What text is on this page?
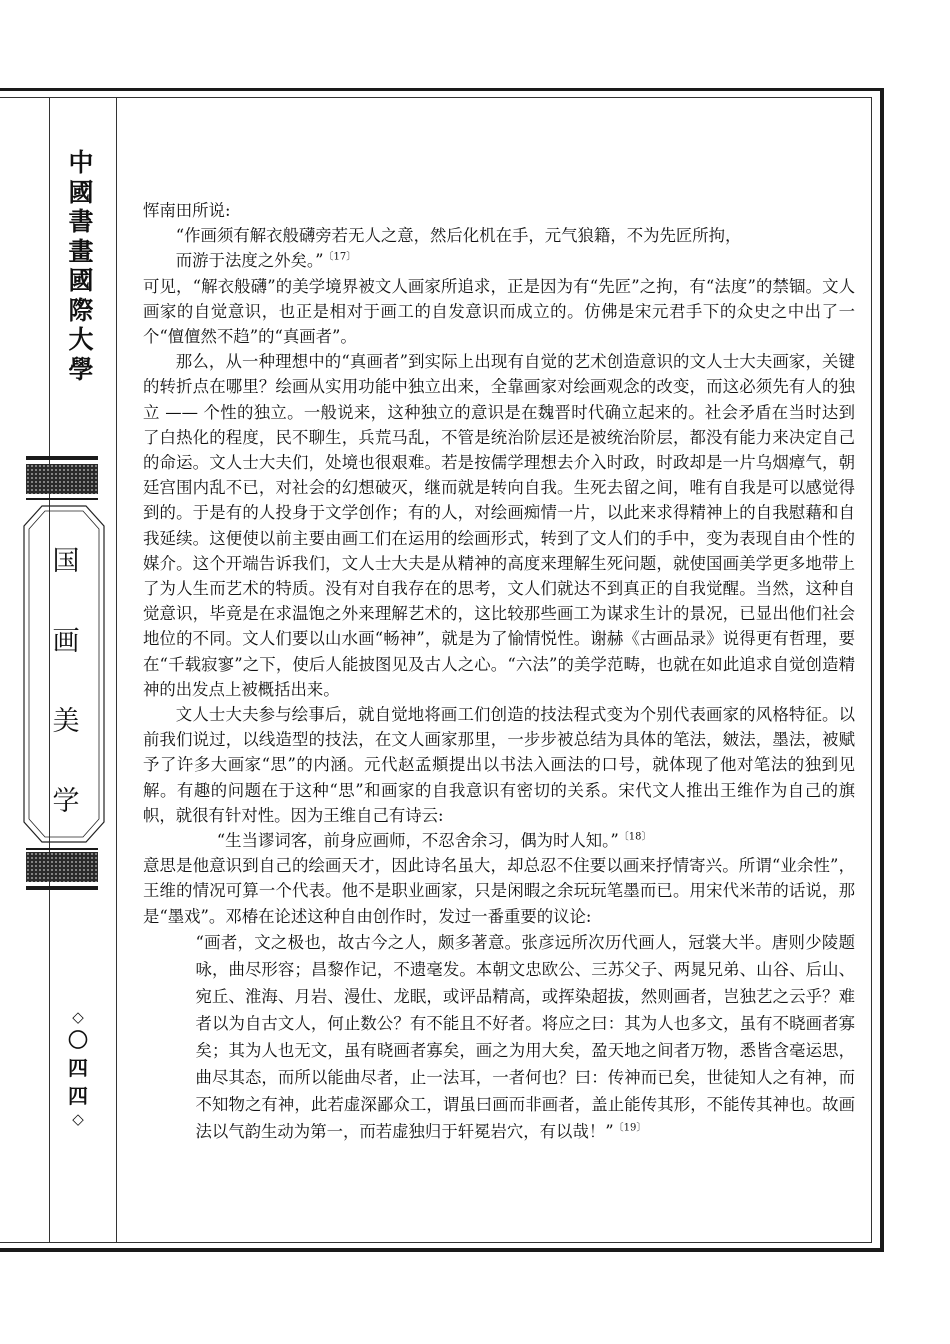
中
國
書
畫
國
際
大
學
国
画
美
学
◇
〇
四
四
◇

恽南田所说:

“作画须有解衣般礴旁若无人之意，然后化机在手，元气狼籍，不为先匠所拘，

而游于法度之外矣。”$^{〔17〕}$

可见，“解衣般礴”的美学境界被文人画家所追求，正是因为有“先匠”之拘，有“法度”的禁锢。文人画家的自觉意识，也正是相对于画工的自发意识而成立的。仿佛是宋元君手下的众史之中出了一个“儃儃然不趋”的“真画者”。

那么，从一种理想中的“真画者”到实际上出现有自觉的艺术创造意识的文人士大夫画家，关键的转折点在哪里？绘画从实用功能中独立出来，全靠画家对绘画观念的改变，而这必须先有人的独立 —— 个性的独立。一般说来，这种独立的意识是在魏晋时代确立起来的。社会矛盾在当时达到了白热化的程度，民不聊生，兵荒马乱，不管是统治阶层还是被统治阶层，都没有能力来决定自己的命运。文人士大夫们，处境也很艰难。若是按儒学理想去介入时政，时政却是一片乌烟瘴气，朝廷宫围内乱不已，对社会的幻想破灭，继而就是转向自我。生死去留之间，唯有自我是可以感觉得到的。于是有的人投身于文学创作；有的人，对绘画痴情一片，以此来求得精神上的自我慰藉和自我延续。这便使以前主要由画工们在运用的绘画形式，转到了文人们的手中，变为表现自由个性的媒介。这个开端告诉我们，文人士大夫是从精神的高度来理解生死问题，就使国画美学更多地带上了为人生而艺术的特质。没有对自我存在的思考，文人们就达不到真正的自我觉醒。当然，这种自觉意识，毕竟是在求温饱之外来理解艺术的，这比较那些画工为谋求生计的景况，已显出他们社会地位的不同。文人们要以山水画“畅神”，就是为了愉情悦性。谢赫《古画品录》说得更有哲理，要在“千载寂寥”之下，使后人能披图见及古人之心。“六法”的美学范畴，也就在如此追求自觉创造精神的出发点上被概括出来。

文人士大夫参与绘事后，就自觉地将画工们创造的技法程式变为个别代表画家的风格特征。以前我们说过，以线造型的技法，在文人画家那里，一步步被总结为具体的笔法，皴法，墨法，被赋予了许多大画家“思”的内涵。元代赵孟頫提出以书法入画法的口号，就体现了他对笔法的独到见解。有趣的问题在于这种“思”和画家的自我意识有密切的关系。宋代文人推出王维作为自己的旗帜，就很有针对性。因为王维自己有诗云:

“生当谬词客，前身应画师，不忍舍余习，偶为时人知。”$^{〔18〕}$

意思是他意识到自己的绘画天才，因此诗名虽大，却总忍不住要以画来抒情寄兴。所谓“业余性”，王维的情况可算一个代表。他不是职业画家，只是闲暇之余玩玩笔墨而已。用宋代米芾的话说，那是“墨戏”。邓椿在论述这种自由创作时，发过一番重要的议论:

“画者，文之极也，故古今之人，颇多著意。张彦远所次历代画人，冠裳大半。唐则少陵题咏，曲尽形容；昌黎作记，不遗毫发。本朝文忠欧公、三苏父子、两晁兄弟、山谷、后山、宛丘、淮海、月岩、漫仕、龙眠，或评品精高，或挥染超拔，然则画者，岂独艺之云乎？难者以为自古文人，何止数公？有不能且不好者。将应之曰：其为人也多文，虽有不晓画者寡矣；其为人也无文，虽有晓画者寡矣，画之为用大矣，盈天地之间者万物，悉皆含毫运思，曲尽其态，而所以能曲尽者，止一法耳，一者何也？曰：传神而已矣，世徒知人之有神，而不知物之有神，此若虚深鄙众工，谓虽曰画而非画者，盖止能传其形，不能传其神也。故画法以气韵生动为第一，而若虚独归于轩冕岩穴，有以哉！”$^{〔19〕}$
